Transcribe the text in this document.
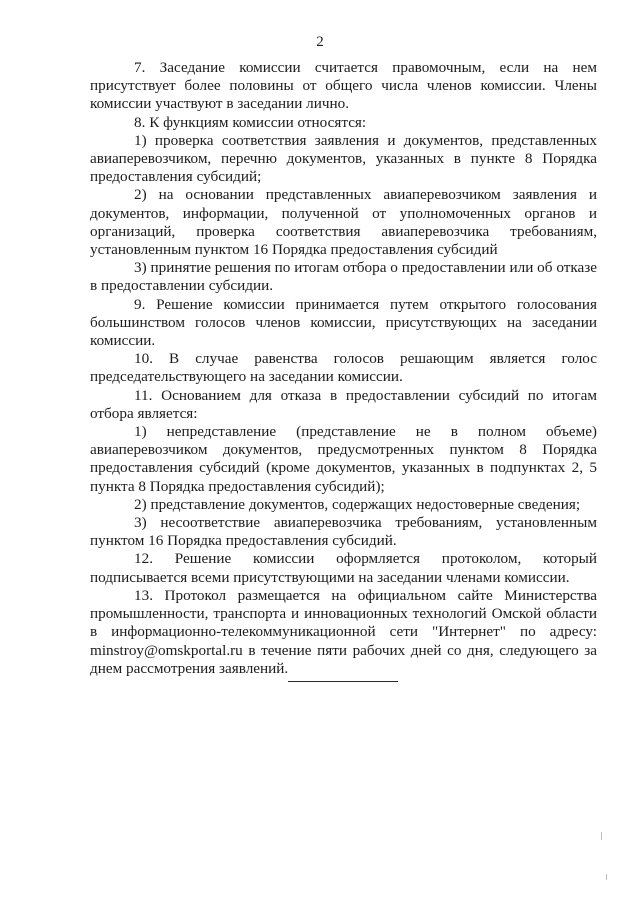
2

7. Заседание комиссии считается правомочным, если на нем присутствует более половины от общего числа членов комиссии. Члены комиссии участвуют в заседании лично.

8. К функциям комиссии относятся:

1) проверка соответствия заявления и документов, представленных авиаперевозчиком, перечню документов, указанных в пункте 8 Порядка предоставления субсидий;

2) на основании представленных авиаперевозчиком заявления и документов, информации, полученной от уполномоченных органов и организаций, проверка соответствия авиаперевозчика требованиям, установленным пунктом 16 Порядка предоставления субсидий

3) принятие решения по итогам отбора о предоставлении или об отказе в предоставлении субсидии.

9. Решение комиссии принимается путем открытого голосования большинством голосов членов комиссии, присутствующих на заседании комиссии.

10. В случае равенства голосов решающим является голос председательствующего на заседании комиссии.

11. Основанием для отказа в предоставлении субсидий по итогам отбора является:

1) непредставление (представление не в полном объеме) авиаперевозчиком документов, предусмотренных пунктом 8 Порядка предоставления субсидий (кроме документов, указанных в подпунктах 2, 5 пункта 8 Порядка предоставления субсидий);

2) представление документов, содержащих недостоверные сведения;

3) несоответствие авиаперевозчика требованиям, установленным пунктом 16 Порядка предоставления субсидий.

12. Решение комиссии оформляется протоколом, который подписывается всеми присутствующими на заседании членами комиссии.

13. Протокол размещается на официальном сайте Министерства промышленности, транспорта и инновационных технологий Омской области в информационно-телекоммуникационной сети "Интернет" по адресу: minstroy@omskportal.ru в течение пяти рабочих дней со дня, следующего за днем рассмотрения заявлений.
